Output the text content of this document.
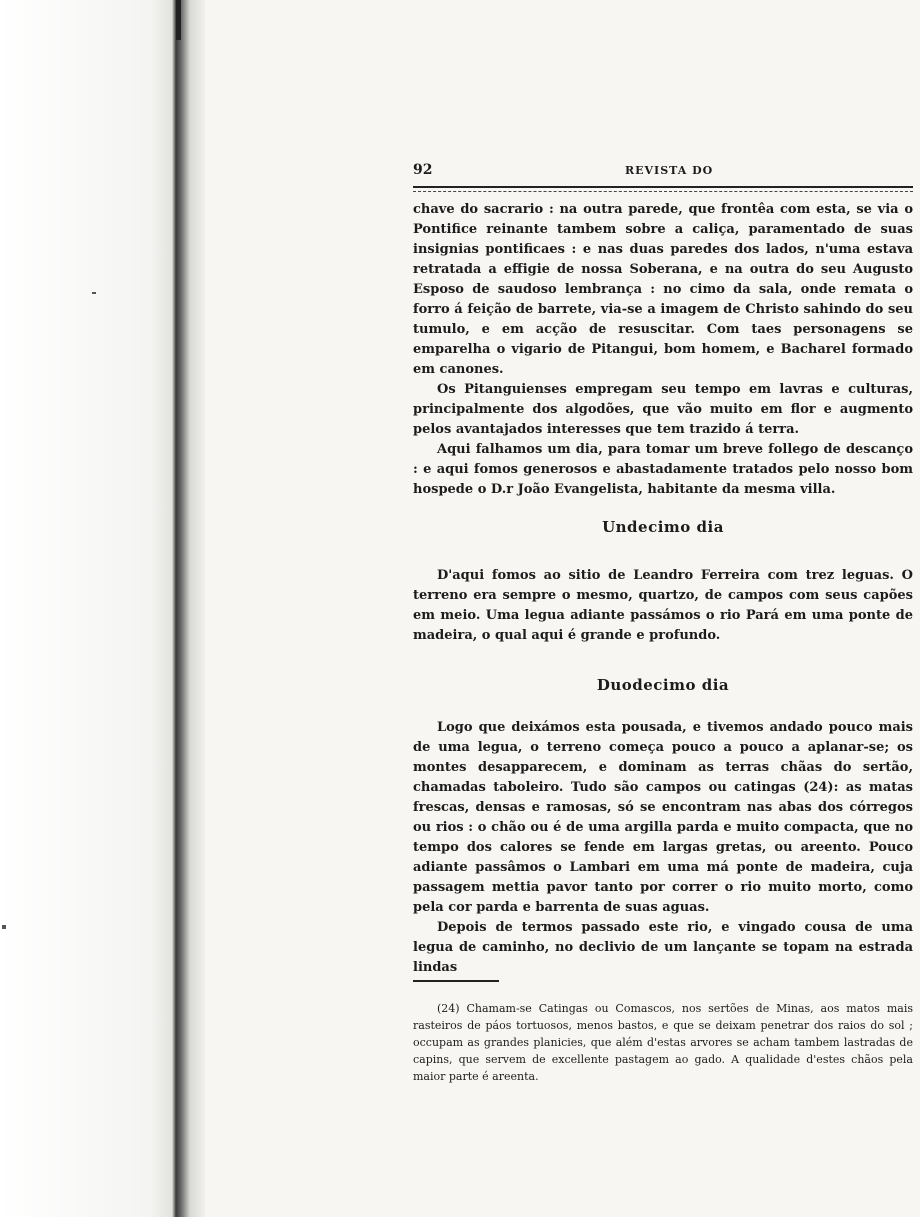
92	REVISTA DO

chave do sacrario : na outra parede, que frontêa com esta, se via o Pontifice reinante tambem sobre a caliça, paramentado de suas insignias pontificaes : e nas duas paredes dos lados, n'uma estava retratada a effigie de nossa Soberana, e na outra do seu Augusto Esposo de saudoso lembrança : no cimo da sala, onde remata o forro á feição de barrete, via-se a imagem de Christo sahindo do seu tumulo, e em acção de resuscitar. Com taes personagens se emparelha o vigario de Pitangui, bom homem, e Bacharel formado em canones.

Os Pitanguienses empregam seu tempo em lavras e culturas, principalmente dos algodões, que vão muito em flor e augmento pelos avantajados interesses que tem trazido á terra.

Aqui falhamos um dia, para tomar um breve follego de descanço : e aqui fomos generosos e abastadamente tratados pelo nosso bom hospede o D.r João Evangelista, habitante da mesma villa.

Undecimo dia

D'aqui fomos ao sitio de Leandro Ferreira com trez leguas. O terreno era sempre o mesmo, quartzo, de campos com seus capões em meio. Uma legua adiante passámos o rio Pará em uma ponte de madeira, o qual aqui é grande e profundo.

Duodecimo dia

Logo que deixámos esta pousada, e tivemos andado pouco mais de uma legua, o terreno começa pouco a pouco a aplanar-se; os montes desapparecem, e dominam as terras chãas do sertão, chamadas taboleiro. Tudo são campos ou catingas (24): as matas frescas, densas e ramosas, só se encontram nas abas dos córregos ou rios : o chão ou é de uma argilla parda e muito compacta, que no tempo dos calores se fende em largas gretas, ou areento. Pouco adiante passâmos o Lambari em uma má ponte de madeira, cuja passagem mettia pavor tanto por correr o rio muito morto, como pela cor parda e barrenta de suas aguas.

Depois de termos passado este rio, e vingado cousa de uma legua de caminho, no declivio de um lançante se topam na estrada lindas

(24) Chamam-se Catingas ou Comascos, nos sertões de Minas, aos matos mais rasteiros de páos tortuosos, menos bastos, e que se deixam penetrar dos raios do sol ; occupam as grandes planicies, que além d'estas arvores se acham tambem lastradas de capins, que servem de excellente pastagem ao gado. A qualidade d'estes chãos pela maior parte é areenta.
